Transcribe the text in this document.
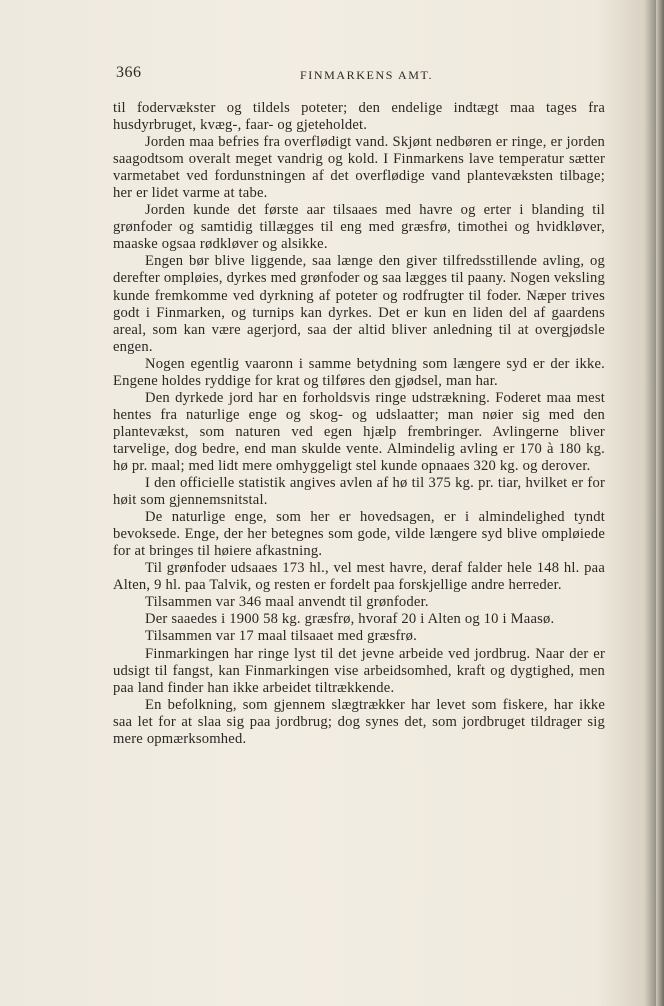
366	FINMARKENS AMT.

til fodervækster og tildels poteter; den endelige indtægt maa tages fra husdyrbruget, kvæg-, faar- og gjeteholdet.

Jorden maa befries fra overflødigt vand. Skjønt nedbøren er ringe, er jorden saagodtsom overalt meget vandrig og kold. I Finmarkens lave temperatur sætter varmetabet ved fordunstningen af det overflødige vand plantevæksten tilbage; her er lidet varme at tabe.

Jorden kunde det første aar tilsaaes med havre og erter i blanding til grønfoder og samtidig tillægges til eng med græsfrø, timothei og hvidkløver, maaske ogsaa rødkløver og alsikke.

Engen bør blive liggende, saa længe den giver tilfredsstillende avling, og derefter ompløies, dyrkes med grønfoder og saa lægges til paany. Nogen veksling kunde fremkomme ved dyrkning af poteter og rodfrugter til foder. Næper trives godt i Finmarken, og turnips kan dyrkes. Det er kun en liden del af gaardens areal, som kan være agerjord, saa der altid bliver anledning til at overgjødsle engen.

Nogen egentlig vaaronn i samme betydning som længere syd er der ikke. Engene holdes ryddige for krat og tilføres den gjødsel, man har.

Den dyrkede jord har en forholdsvis ringe udstrækning. Foderet maa mest hentes fra naturlige enge og skog- og udslaatter; man nøier sig med den plantevækst, som naturen ved egen hjælp frembringer. Avlingerne bliver tarvelige, dog bedre, end man skulde vente. Almindelig avling er 170 à 180 kg. hø pr. maal; med lidt mere omhyggeligt stel kunde opnaaes 320 kg. og derover.

I den officielle statistik angives avlen af hø til 375 kg. pr. tiar, hvilket er for høit som gjennemsnitstal.

De naturlige enge, som her er hovedsagen, er i almindelighed tyndt bevoksede. Enge, der her betegnes som gode, vilde længere syd blive ompløiede for at bringes til høiere afkastning.

Til grønfoder udsaaes 173 hl., vel mest havre, deraf falder hele 148 hl. paa Alten, 9 hl. paa Talvik, og resten er fordelt paa forskjellige andre herreder.

Tilsammen var 346 maal anvendt til grønfoder.

Der saaedes i 1900 58 kg. græsfrø, hvoraf 20 i Alten og 10 i Maasø.

Tilsammen var 17 maal tilsaaet med græsfrø.

Finmarkingen har ringe lyst til det jevne arbeide ved jordbrug. Naar der er udsigt til fangst, kan Finmarkingen vise arbeidsomhed, kraft og dygtighed, men paa land finder han ikke arbeidet tiltrækkende.

En befolkning, som gjennem slægtrækker har levet som fiskere, har ikke saa let for at slaa sig paa jordbrug; dog synes det, som jordbruget tildrager sig mere opmærksomhed.
